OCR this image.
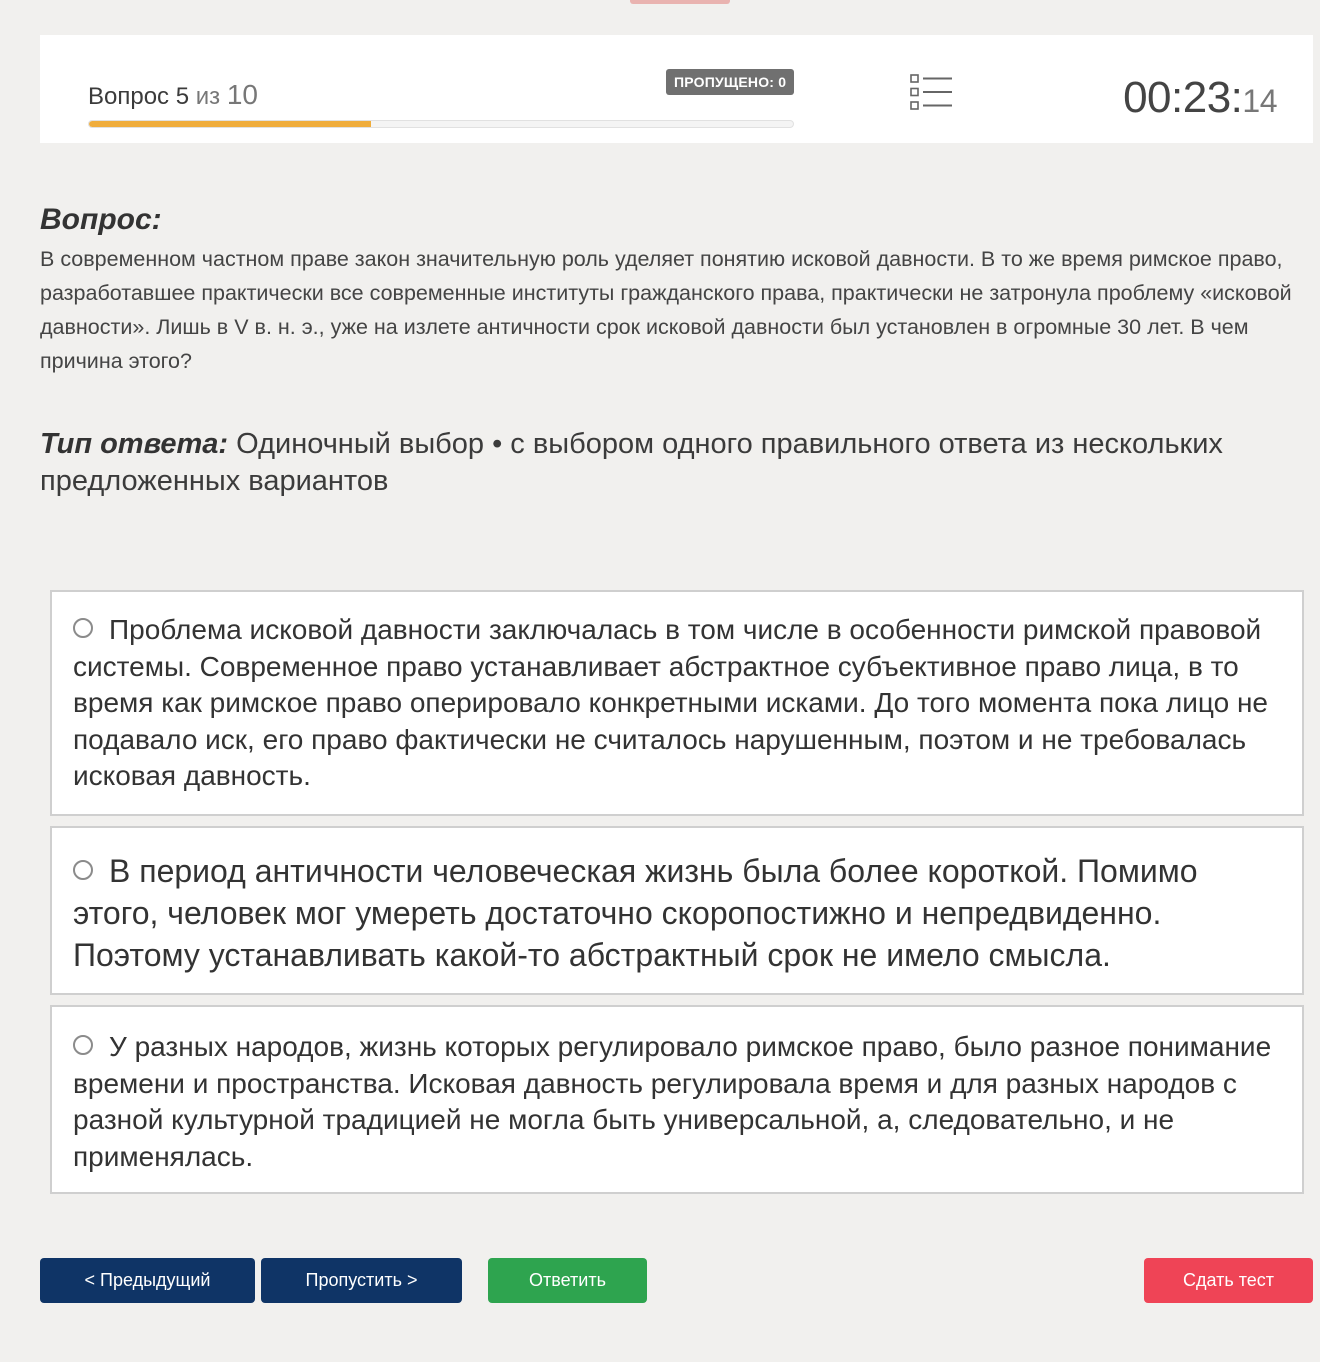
Вопрос 5 из 10	ПРОПУЩЕНО: 0	00:23:14
Вопрос:
В современном частном праве закон значительную роль уделяет понятию исковой давности. В то же время римское право, разработавшее практически все современные институты гражданского права, практически не затронула проблему «исковой давности». Лишь в V в. н. э., уже на излете античности срок исковой давности был установлен в огромные 30 лет. В чем причина этого?
Тип ответа: Одиночный выбор • с выбором одного правильного ответа из нескольких предложенных вариантов
Проблема исковой давности заключалась в том числе в особенности римской правовой системы. Современное право устанавливает абстрактное субъективное право лица, в то время как римское право оперировало конкретными исками. До того момента пока лицо не подавало иск, его право фактически не считалось нарушенным, поэтом и не требовалась исковая давность.
В период античности человеческая жизнь была более короткой. Помимо этого, человек мог умереть достаточно скоропостижно и непредвиденно. Поэтому устанавливать какой-то абстрактный срок не имело смысла.
У разных народов, жизнь которых регулировало римское право, было разное понимание времени и пространства. Исковая давность регулировала время и для разных народов с разной культурной традицией не могла быть универсальной, а, следовательно, и не применялась.
< Предыдущий	Пропустить >	Ответить	Сдать тест
